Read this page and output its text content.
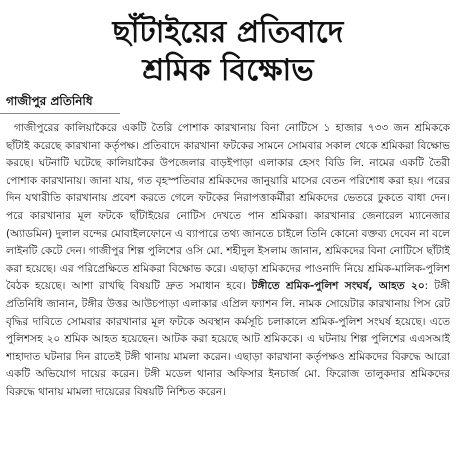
ছাঁটাইয়ের প্রতিবাদে
শ্রমিক বিক্ষোভ
গাজীপুর প্রতিনিধি

গাজীপুরের কালিয়াকৈরে একটি তৈরি পোশাক কারখানায় বিনা নোটিসে ১ হাজার ৭৩৩ জন শ্রমিককে ছাঁটাই করেছে কারখানা কর্তৃপক্ষ। প্রতিবাদে কারখানা ফটকের সামনে সোমবার সকাল থেকে শ্রমিকরা বিক্ষোভ করছে। ঘটনাটি ঘটেছে কালিয়াকৈর উপজেলার বাড়ইপাড়া এলাকার হেসং বিডি লি. নামের একটি তৈরী পোশাক কারখানায়। জানা যায়, গত বৃহস্পতিবার শ্রমিকদের জানুয়ারি মাসের বেতন পরিশোধ করা হয়। পরের দিন যথারীতি কারখানায় প্রবেশ করতে গেলে ফটকের নিরাপত্তাকর্মীরা শ্রমিকদের ভেতরে ঢুকতে বাধা দেন। পরে কারখানার মূল ফটকে ছাঁটাইয়ের নোটিস দেখতে পান শ্রমিকরা। কারখানার জেনারেল ম্যানেজার (অ্যাডমিন) দুলাল বন্দের মোবাইলফোনে এ ব্যাপারে তথ্য জানতে চাইলে তিনি কোনো বক্তব্য দেবেন না বলে লাইনটি কেটে দেন। গাজীপুর শিল্প পুলিশের ওসি মো. শহীদুল ইসলাম জানান, শ্রমিকদের বিনা নোটিসে ছাঁটাই করা হয়েছে। এর পরিপ্রেক্ষিতে শ্রমিকরা বিক্ষোভ করে। এছাড়া শ্রমিকদের পাওনাদি নিয়ে শ্রমিক-মালিক-পুলিশ বৈঠক হয়েছে। আশা রাখছি বিষয়টি দ্রুত সমাধান হবে। টঙ্গীতে শ্রমিক-পুলিশ সংঘর্ষ, আহত ২০: টঙ্গী প্রতিনিধি জানান, টঙ্গীর উত্তর আউচপাড়া এলাকার এপ্রিল ফ্যাশন লি. নামক সোয়েটার কারখানায় পিস রেট বৃদ্ধির দাবিতে সোমবার কারখানার মূল ফটকে অবস্থান কর্মসূচি চলাকালে শ্রমিক-পুলিশ সংঘর্ষ হয়েছে। এতে পুলিশসহ ২০ শ্রমিক আহত হয়েছেন। আটক করা হয়েছে আট শ্রমিককে। এ ঘটনায় শিল্প পুলিশের এএসআই শাহাদাত ঘটনার দিন রাতেই টঙ্গী থানায় মামলা করেন। এছাড়া কারখানা কর্তৃপক্ষও শ্রমিকদের বিরুদ্ধে আরো একটি অভিযোগ দায়ের করেন। টঙ্গী মডেল থানার অফিসার ইনচার্জ মো. ফিরোজ তালুকদার শ্রমিকদের বিরুদ্ধে থানায় মামলা দায়েরের বিষয়টি নিশ্চিত করেন।
